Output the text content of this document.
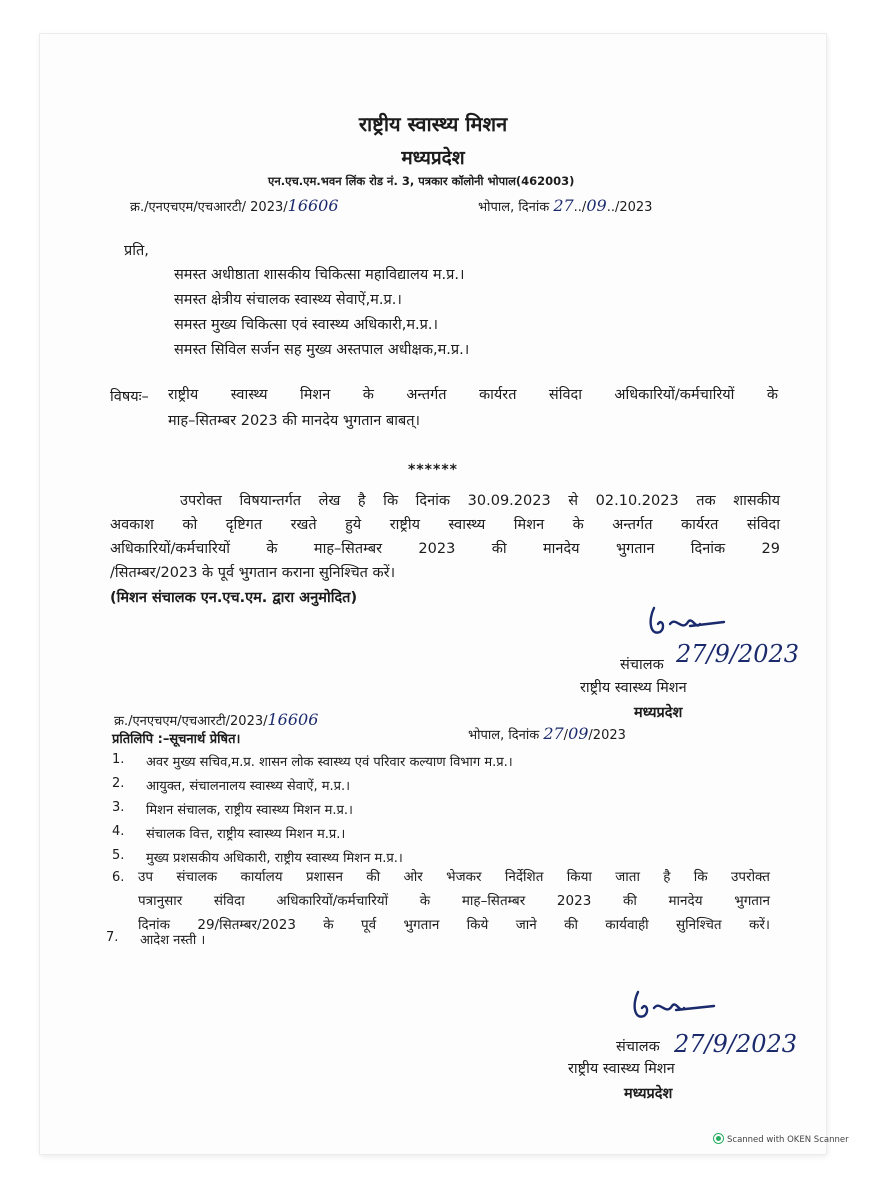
राष्ट्रीय स्वास्थ्य मिशन
मध्यप्रदेश
एन.एच.एम.भवन लिंक रोड नं. 3, पत्रकार कॉलोनी भोपाल(462003)
क्र./एनएचएम/एचआरटी/ 2023/16606	भोपाल, दिनांक 27../09../2023
प्रति,
समस्त अधीष्ठाता शासकीय चिकित्सा महाविद्यालय म.प्र.।
समस्त क्षेत्रीय संचालक स्वास्थ्य सेवाऐं,म.प्र.।
समस्त मुख्य चिकित्सा एवं स्वास्थ्य अधिकारी,म.प्र.।
समस्त सिविल सर्जन सह मुख्य अस्तपाल अधीक्षक,म.प्र.।
विषयः– राष्ट्रीय स्वास्थ्य मिशन के अन्तर्गत कार्यरत संविदा अधिकारियों/कर्मचारियों के
माह–सितम्बर 2023 की मानदेय भुगतान बाबत्।
******
उपरोक्त विषयान्तर्गत लेख है कि दिनांक 30.09.2023 से 02.10.2023 तक शासकीय
अवकाश को दृष्टिगत रखते हुये राष्ट्रीय स्वास्थ्य मिशन के अन्तर्गत कार्यरत संविदा
अधिकारियों/कर्मचारियों के माह–सितम्बर 2023 की मानदेय भुगतान दिनांक 29
/सितम्बर/2023 के पूर्व भुगतान कराना सुनिश्चित करें।
(मिशन संचालक एन.एच.एम. द्वारा अनुमोदित)
संचालक 27/9/2023
राष्ट्रीय स्वास्थ्य मिशन
मध्यप्रदेश
क्र./एनएचएम/एचआरटी/2023/16606
भोपाल, दिनांक 27/09/2023
प्रतिलिपि :–सूचनार्थ प्रेषित।
1. अवर मुख्य सचिव,म.प्र. शासन लोक स्वास्थ्य एवं परिवार कल्याण विभाग म.प्र.।
2. आयुक्त, संचालनालय स्वास्थ्य सेवाऐं, म.प्र.।
3. मिशन संचालक, राष्ट्रीय स्वास्थ्य मिशन म.प्र.।
4. संचालक वित्त, राष्ट्रीय स्वास्थ्य मिशन म.प्र.।
5. मुख्य प्रशसकीय अधिकारी, राष्ट्रीय स्वास्थ्य मिशन म.प्र.।
6. उप संचालक कार्यालय प्रशासन की ओर भेजकर निर्देशित किया जाता है कि उपरोक्त
पत्रानुसार संविदा अधिकारियों/कर्मचारियों के माह–सितम्बर 2023 की मानदेय भुगतान
दिनांक 29/सितम्बर/2023 के पूर्व भुगतान किये जाने की कार्यवाही सुनिश्चित करें।
7. आदेश नस्ती ।
संचालक 27/9/2023
राष्ट्रीय स्वास्थ्य मिशन
मध्यप्रदेश
Scanned with OKEN Scanner
